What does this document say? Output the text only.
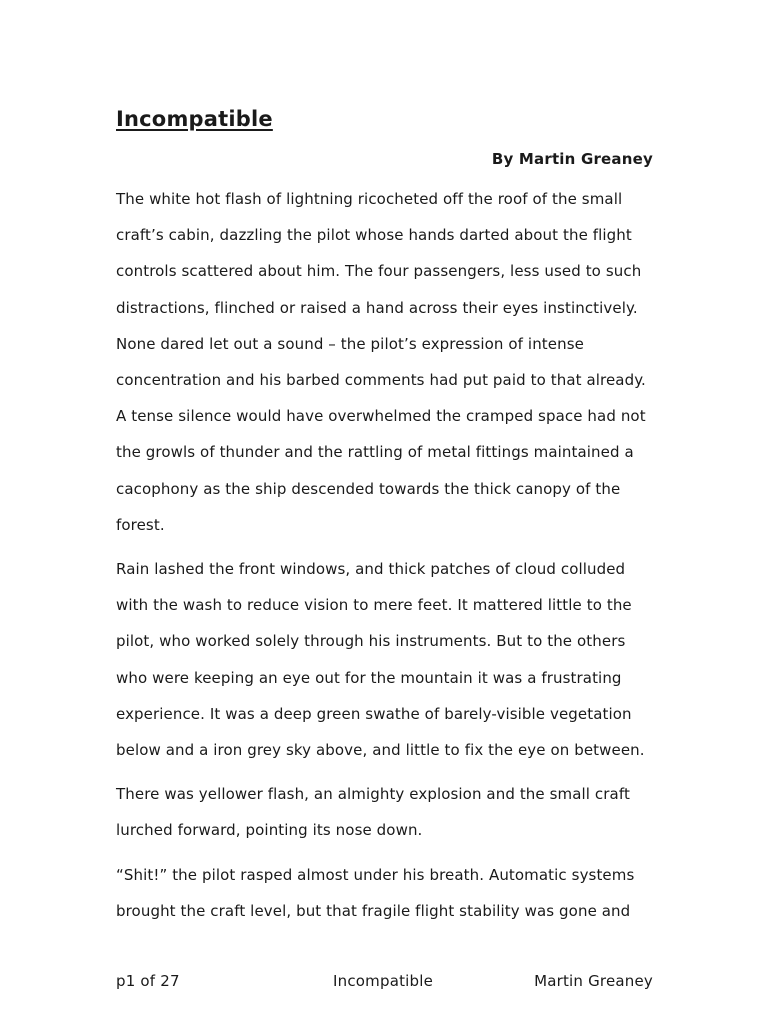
Incompatible

By Martin Greaney

The white hot flash of lightning ricocheted off the roof of the small craft’s cabin, dazzling the pilot whose hands darted about the flight controls scattered about him. The four passengers, less used to such distractions, flinched or raised a hand across their eyes instinctively. None dared let out a sound – the pilot’s expression of intense concentration and his barbed comments had put paid to that already. A tense silence would have overwhelmed the cramped space had not the growls of thunder and the rattling of metal fittings maintained a cacophony as the ship descended towards the thick canopy of the forest.

Rain lashed the front windows, and thick patches of cloud colluded with the wash to reduce vision to mere feet. It mattered little to the pilot, who worked solely through his instruments. But to the others who were keeping an eye out for the mountain it was a frustrating experience. It was a deep green swathe of barely-visible vegetation below and a iron grey sky above, and little to fix the eye on between.

There was yellower flash, an almighty explosion and the small craft lurched forward, pointing its nose down.

“Shit!” the pilot rasped almost under his breath. Automatic systems brought the craft level, but that fragile flight stability was gone and

p1 of 27	Incompatible	Martin Greaney
